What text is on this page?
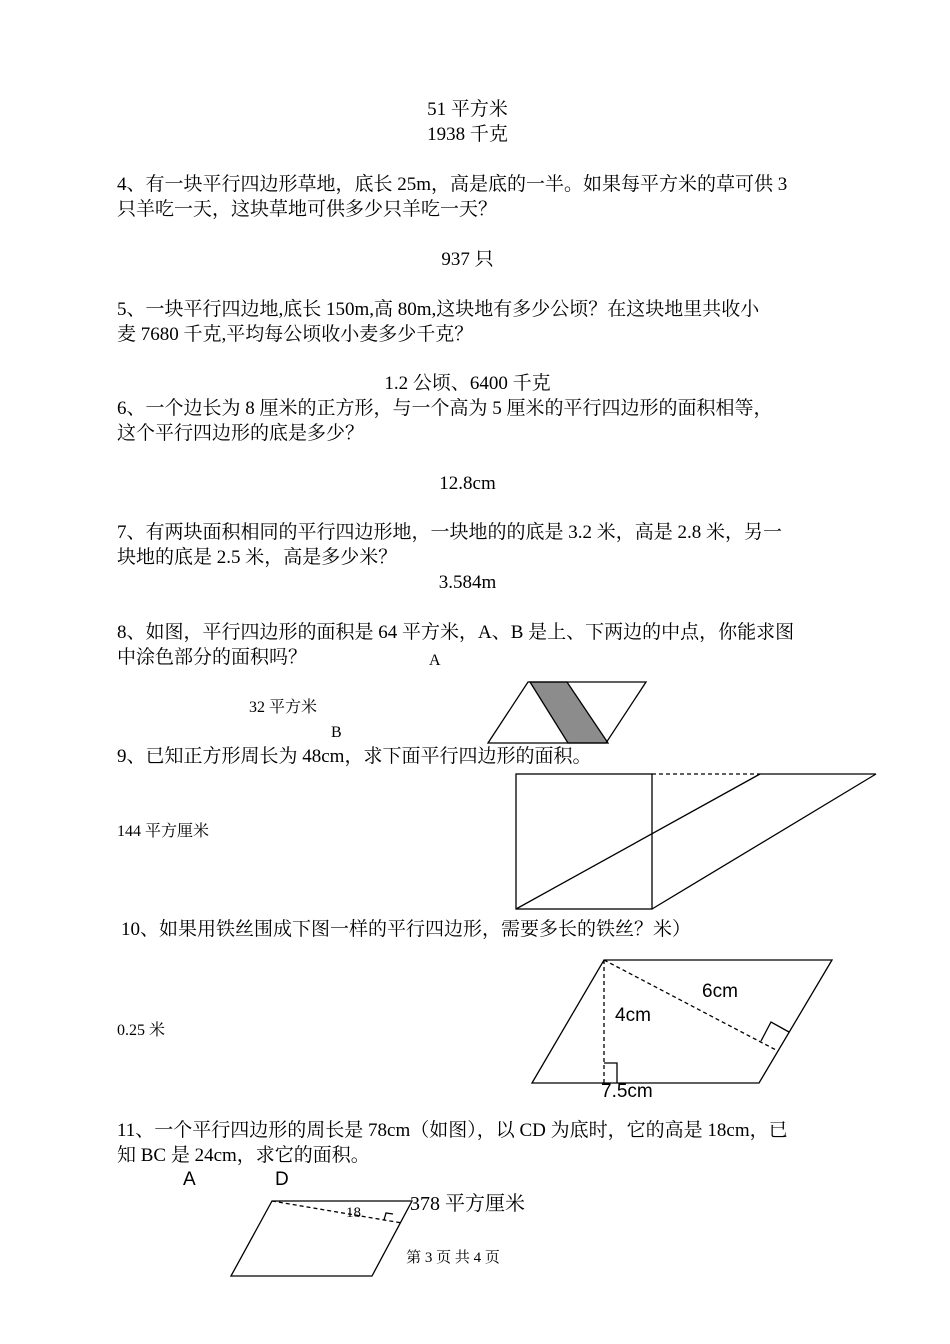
51 平方米
1938 千克
4、有一块平行四边形草地，底长 25m，高是底的一半。如果每平方米的草可供 3
只羊吃一天，这块草地可供多少只羊吃一天？
937 只
5、一块平行四边地,底长 150m,高 80m,这块地有多少公顷？在这块地里共收小
麦 7680 千克,平均每公顷收小麦多少千克？
1.2 公顷、6400 千克
6、一个边长为 8 厘米的正方形，与一个高为 5 厘米的平行四边形的面积相等，
这个平行四边形的底是多少？
12.8cm
7、有两块面积相同的平行四边形地，一块地的的底是 3.2 米，高是 2.8 米，另一
块地的底是 2.5 米，高是多少米？
3.584m
8、如图，平行四边形的面积是 64 平方米，A、B 是上、下两边的中点，你能求图
中涂色部分的面积吗？	A
32 平方米
B
9、已知正方形周长为 48cm，求下面平行四边形的面积。
144 平方厘米
10、如果用铁丝围成下图一样的平行四边形，需要多长的铁丝？米）
0.25 米
6cm
4cm
7.5cm
11、一个平行四边形的周长是 78cm（如图），以 CD 为底时，它的高是 18cm，已
知 BC 是 24cm，求它的面积。
A	D
18	378 平方厘米
第 3 页 共 4 页
